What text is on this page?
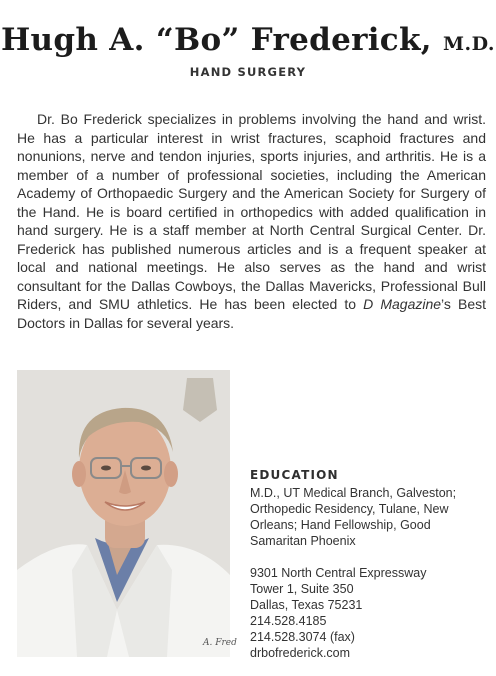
Hugh A. “Bo” Frederick, M.D.
HAND SURGERY

Dr. Bo Frederick specializes in problems involving the hand and wrist. He has a particular interest in wrist fractures, scaphoid fractures and nonunions, nerve and tendon injuries, sports injuries, and arthritis. He is a member of a number of professional societies, including the American Academy of Orthopaedic Surgery and the American Society for Surgery of the Hand. He is board certified in orthopedics with added qualification in hand surgery. He is a staff member at North Central Surgical Center. Dr. Frederick has published numerous articles and is a frequent speaker at local and national meetings. He also serves as the hand and wrist consultant for the Dallas Cowboys, the Dallas Mavericks, Professional Bull Riders, and SMU athletics. He has been elected to D Magazine’s Best Doctors in Dallas for several years.

A. Fred
EDUCATION

M.D., UT Medical Branch, Galveston; Orthopedic Residency, Tulane, New Orleans; Hand Fellowship, Good Samaritan Phoenix

9301 North Central Expressway
Tower 1, Suite 350
Dallas, Texas 75231
214.528.4185
214.528.3074 (fax)
drbofrederick.com
